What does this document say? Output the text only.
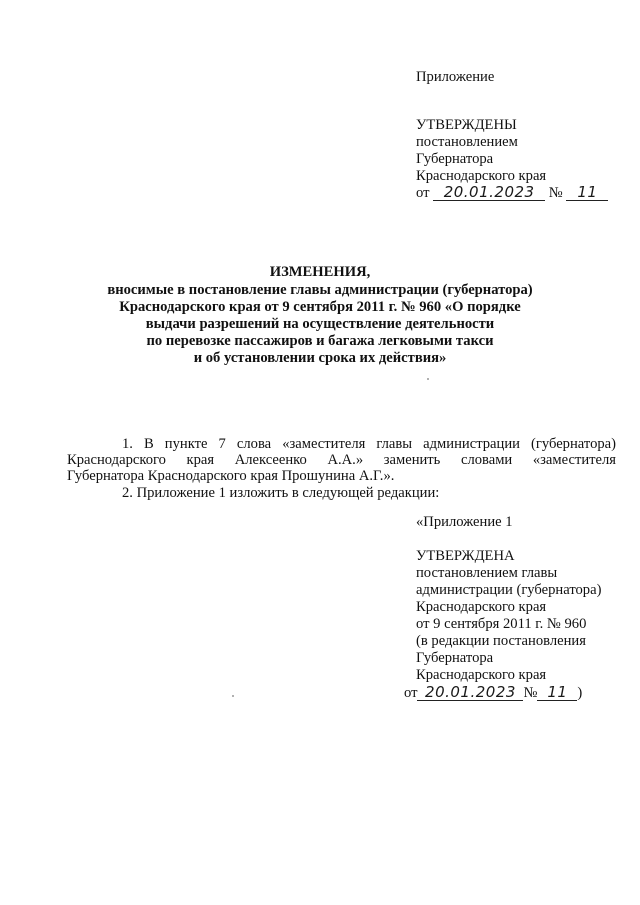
Приложение
УТВЕРЖДЕНЫ
постановлением
Губернатора
Краснодарского края
от 20.01.2023 № 11
ИЗМЕНЕНИЯ,
вносимые в постановление главы администрации (губернатора)
Краснодарского края от 9 сентября 2011 г. № 960 «О порядке
выдачи разрешений на осуществление деятельности
по перевозке пассажиров и багажа легковыми такси
и об установлении срока их действия»
1. В пункте 7 слова «заместителя главы администрации (губернатора)
Краснодарского края Алексеенко А.А.» заменить словами «заместителя
Губернатора Краснодарского края Прошунина А.Г.».
2. Приложение 1 изложить в следующей редакции:
«Приложение 1
УТВЕРЖДЕНА
постановлением главы
администрации (губернатора)
Краснодарского края
от 9 сентября 2011 г. № 960
(в редакции постановления
Губернатора
Краснодарского края
от 20.01.2023 № 11 )
